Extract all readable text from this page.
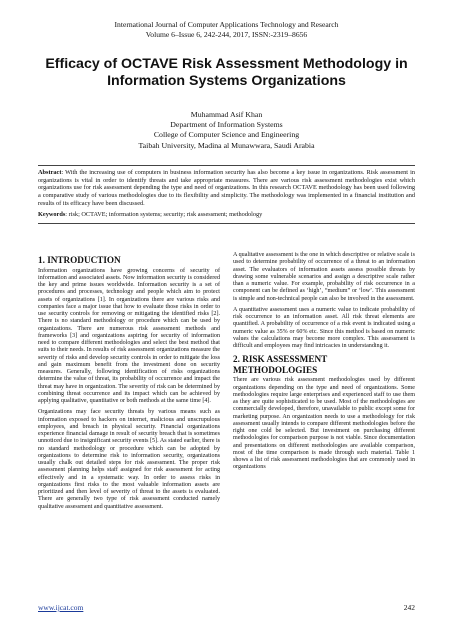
International Journal of Computer Applications Technology and Research
Volume 6–Issue 6, 242-244, 2017, ISSN:-2319–8656
Efficacy of OCTAVE Risk Assessment Methodology in
Information Systems Organizations
Muhammad Asif Khan
Department of Information Systems
College of Computer Science and Engineering
Taibah University, Madina al Munawwara, Saudi Arabia
Abstract: With the increasing use of computers in business information security has also become a key issue in organizations. Risk assessment in organizations is vital in order to identify threats and take appropriate measures. There are various risk assessment methodologies exist which organizations use for risk assessment depending the type and need of organizations. In this research OCTAVE methodology has been used following a comparative study of various methodologies due to its flexibility and simplicity. The methodology was implemented in a financial institution and results of its efficacy have been discussed.
Keywords: risk; OCTAVE; information systems; security; risk assessment; methodology
1. INTRODUCTION

Information organizations have growing concerns of security of information and associated assets. Now information security is considered the key and prime issues worldwide. Information security is a set of procedures and processes, technology and people which aim to protect assets of organizations [1]. In organizations there are various risks and companies face a major issue that how to evaluate those risks in order to use security controls for removing or mitigating the identified risks [2]. There is no standard methodology or procedure which can be used by organizations. There are numerous risk assessment methods and frameworks [3] and organizations aspiring for security of information need to compare different methodologies and select the best method that suits to their needs. In results of risk assessment organizations measure the severity of risks and develop security controls in order to mitigate the loss and gain maximum benefit from the investment done on security measures. Generally, following identification of risks organizations determine the value of threat, its probability of occurrence and impact the threat may have in organization. The severity of risk can be determined by combining threat occurrence and its impact which can be achieved by applying qualitative, quantitative or both methods at the same time [4].

Organizations may face security threats by various means such as information exposed to hackers on internet, malicious and unscrupulous employees, and breach in physical security. Financial organizations experience financial damage in result of security breach that is sometimes unnoticed due to insignificant security events [5]. As stated earlier, there is no standard methodology or procedure which can be adopted by organizations to determine risk to information security, organizations usually chalk out detailed steps for risk assessment. The proper risk assessment planning helps staff assigned for risk assessment for acting effectively and in a systematic way. In order to assess risks in organizations first risks to the most valuable information assets are prioritized and then level of severity of threat to the assets is evaluated. There are generally two type of risk assessment conducted namely qualitative assessment and quantitative assessment.

A qualitative assessment is the one in which descriptive or relative scale is used to determine probability of occurrence of a threat to an information asset. The evaluators of information assets assess possible threats by drawing some vulnerable scenarios and assign a descriptive scale rather than a numeric value. For example, probability of risk occurrence in a component can be defined as ‘high’, “medium” or ‘low’. This assessment is simple and non-technical people can also be involved in the assessment.

A quantitative assessment uses a numeric value to indicate probability of risk occurrence to an information asset. All risk threat elements are quantified. A probability of occurrence of a risk event is indicated using a numeric value as 35% or 60% etc. Since this method is based on numeric values the calculations may become more complex. This assessment is difficult and employees may find intricacies in understanding it.

2. RISK ASSESSMENT
METHODOLOGIES

There are various risk assessment methodologies used by different organizations depending on the type and need of organizations. Some methodologies require large enterprises and experienced staff to use them as they are quite sophisticated to be used. Most of the methodologies are commercially developed, therefore, unavailable to public except some for marketing purpose. An organization needs to use a methodology for risk assessment usually intends to compare different methodologies before the right one cold be selected. But investment on purchasing different methodologies for comparison purpose is not viable. Since documentation and presentations on different methodologies are available comparison, most of the time comparison is made through such material. Table 1 shows a list of risk assessment methodologies that are commonly used in organizations

www.ijcat.com	242
